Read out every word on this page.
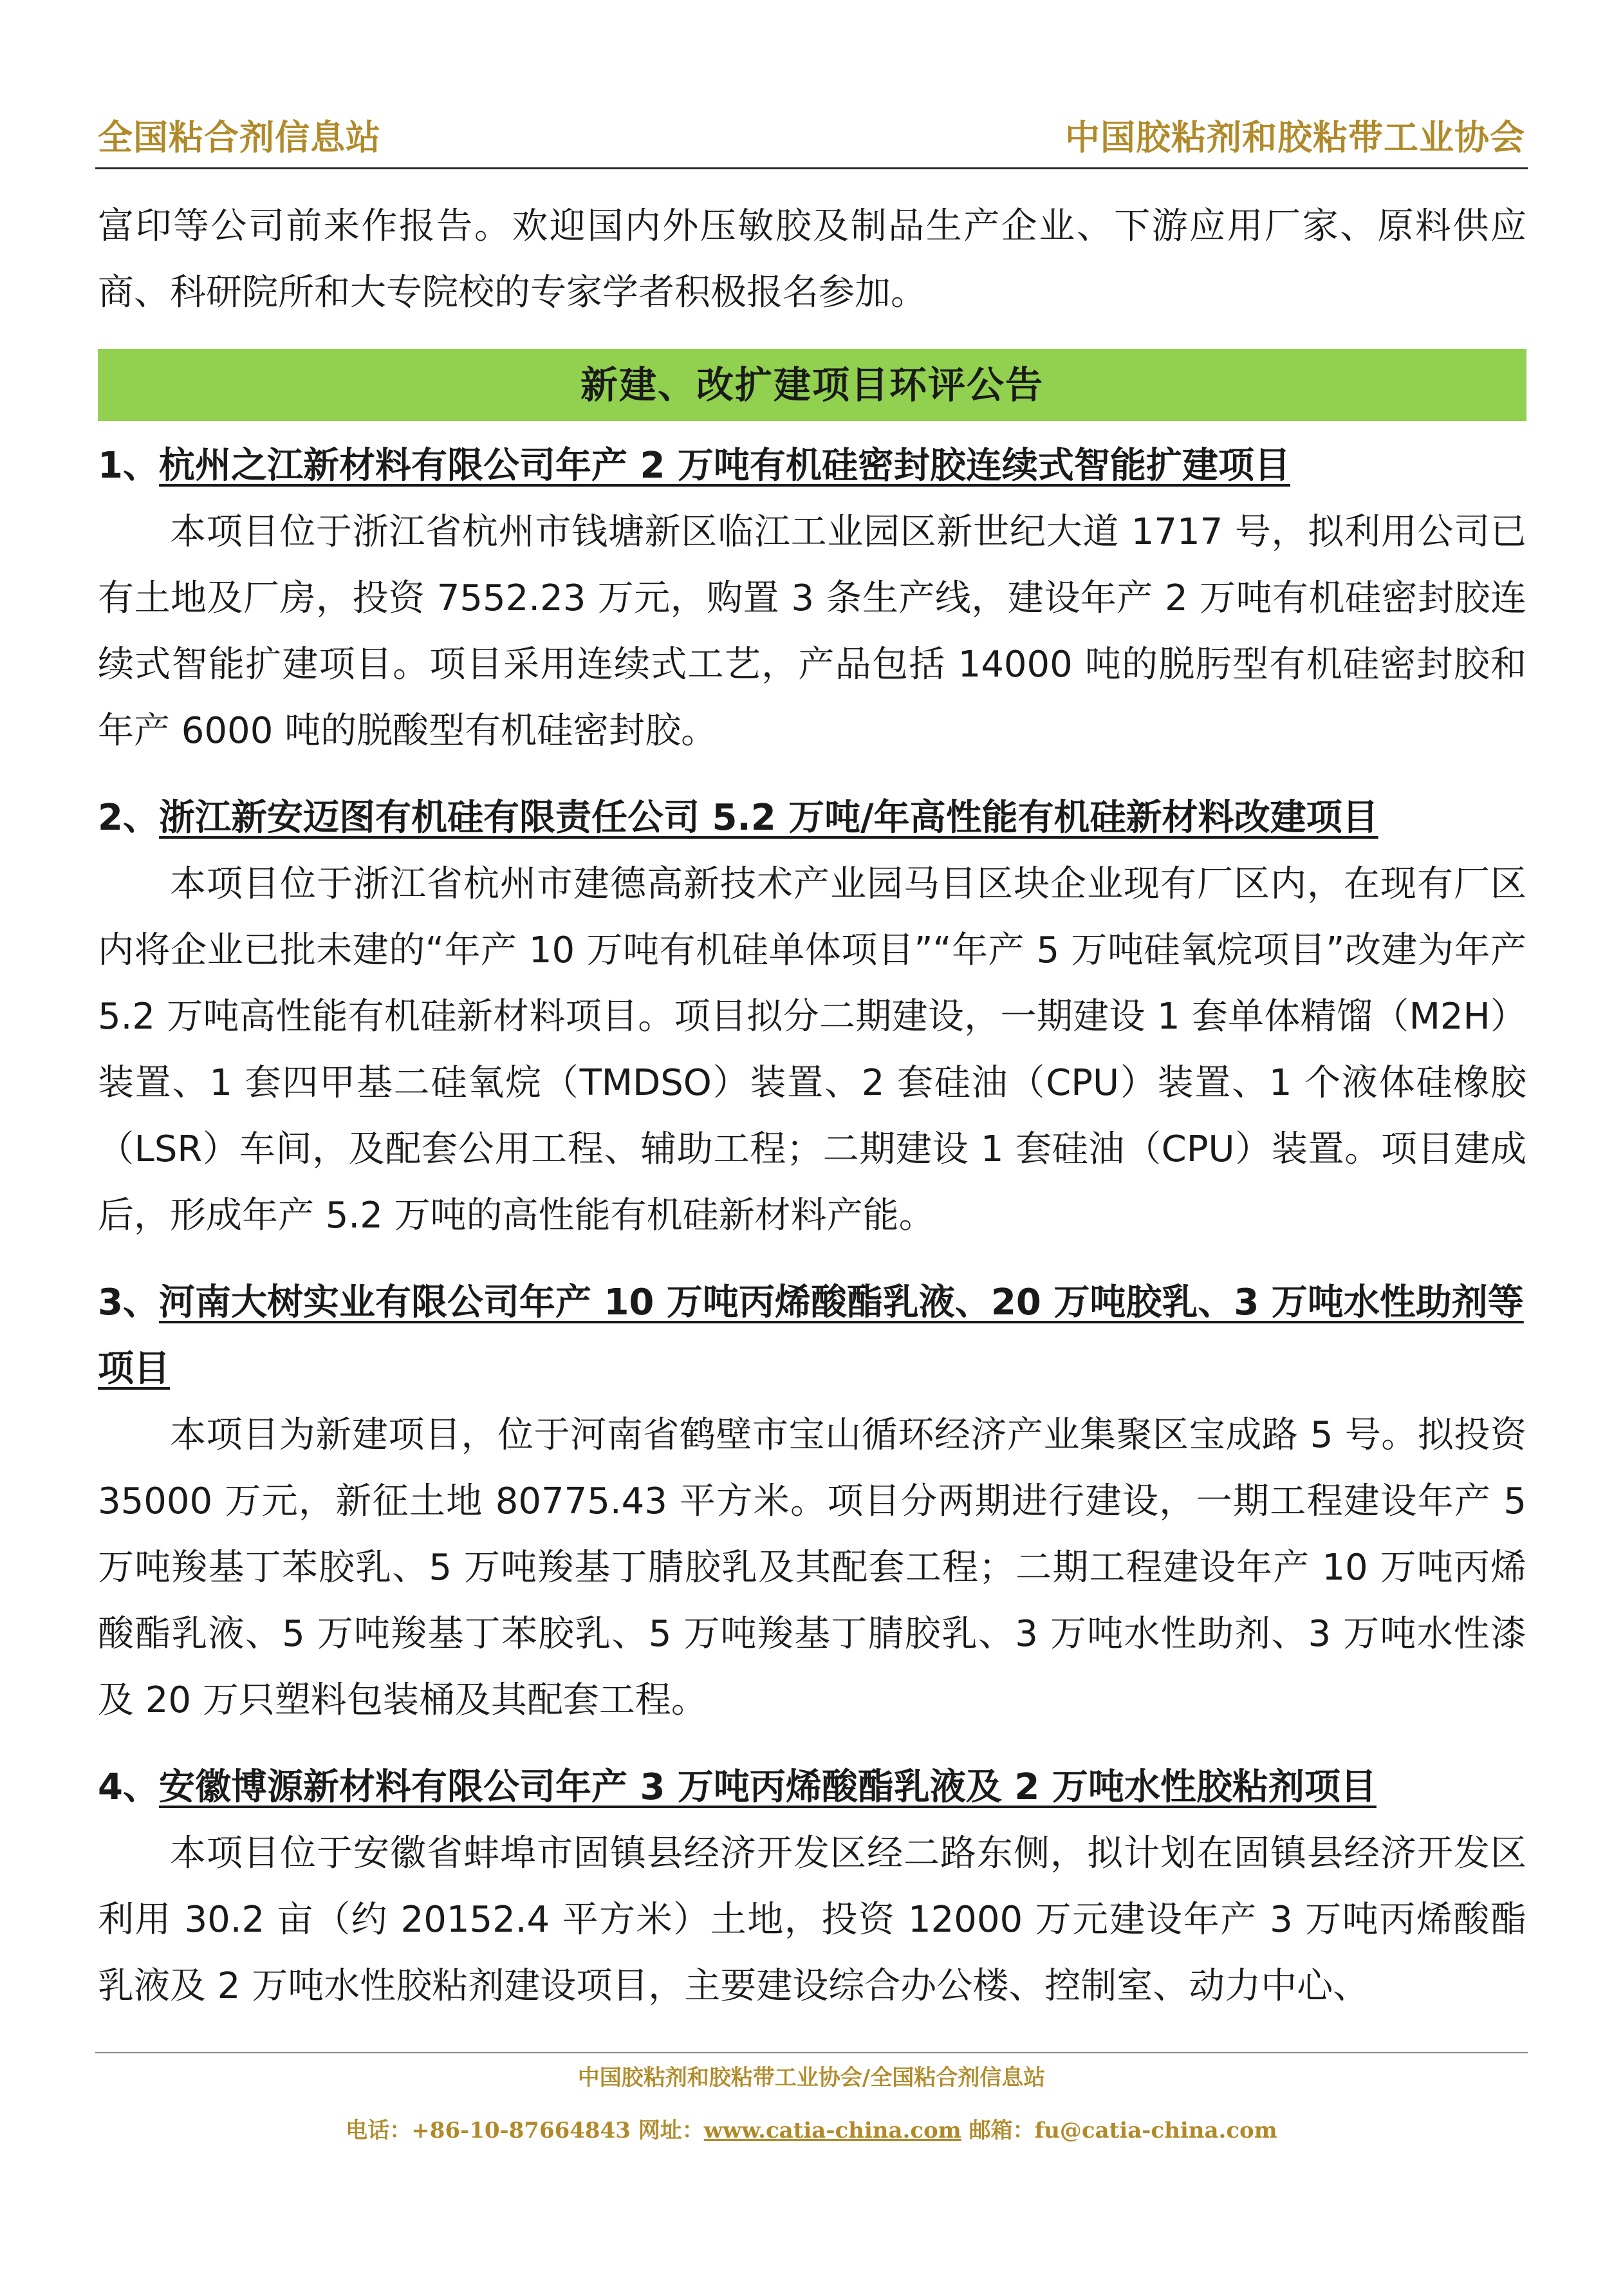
全国粘合剂信息站	中国胶粘剂和胶粘带工业协会

富印等公司前来作报告。欢迎国内外压敏胶及制品生产企业、下游应用厂家、原料供应商、科研院所和大专院校的专家学者积极报名参加。

新建、改扩建项目环评公告

1、杭州之江新材料有限公司年产 2 万吨有机硅密封胶连续式智能扩建项目

本项目位于浙江省杭州市钱塘新区临江工业园区新世纪大道 1717 号，拟利用公司已有土地及厂房，投资 7552.23 万元，购置 3 条生产线，建设年产 2 万吨有机硅密封胶连续式智能扩建项目。项目采用连续式工艺，产品包括 14000 吨的脱肟型有机硅密封胶和年产 6000 吨的脱酸型有机硅密封胶。

2、浙江新安迈图有机硅有限责任公司 5.2 万吨/年高性能有机硅新材料改建项目

本项目位于浙江省杭州市建德高新技术产业园马目区块企业现有厂区内，在现有厂区内将企业已批未建的“年产 10 万吨有机硅单体项目”“年产 5 万吨硅氧烷项目”改建为年产 5.2 万吨高性能有机硅新材料项目。项目拟分二期建设，一期建设 1 套单体精馏（M2H）装置、1 套四甲基二硅氧烷（TMDSO）装置、2 套硅油（CPU）装置、1 个液体硅橡胶（LSR）车间，及配套公用工程、辅助工程；二期建设 1 套硅油（CPU）装置。项目建成后，形成年产 5.2 万吨的高性能有机硅新材料产能。

3、河南大树实业有限公司年产 10 万吨丙烯酸酯乳液、20 万吨胶乳、3 万吨水性助剂等项目

本项目为新建项目，位于河南省鹤壁市宝山循环经济产业集聚区宝成路 5 号。拟投资 35000 万元，新征土地 80775.43 平方米。项目分两期进行建设，一期工程建设年产 5 万吨羧基丁苯胶乳、5 万吨羧基丁腈胶乳及其配套工程；二期工程建设年产 10 万吨丙烯酸酯乳液、5 万吨羧基丁苯胶乳、5 万吨羧基丁腈胶乳、3 万吨水性助剂、3 万吨水性漆及 20 万只塑料包装桶及其配套工程。

4、安徽博源新材料有限公司年产 3 万吨丙烯酸酯乳液及 2 万吨水性胶粘剂项目

本项目位于安徽省蚌埠市固镇县经济开发区经二路东侧，拟计划在固镇县经济开发区利用 30.2 亩（约 20152.4 平方米）土地，投资 12000 万元建设年产 3 万吨丙烯酸酯乳液及 2 万吨水性胶粘剂建设项目，主要建设综合办公楼、控制室、动力中心、

中国胶粘剂和胶粘带工业协会/全国粘合剂信息站
电话：+86-10-87664843 网址：www.catia-china.com 邮箱：fu@catia-china.com
